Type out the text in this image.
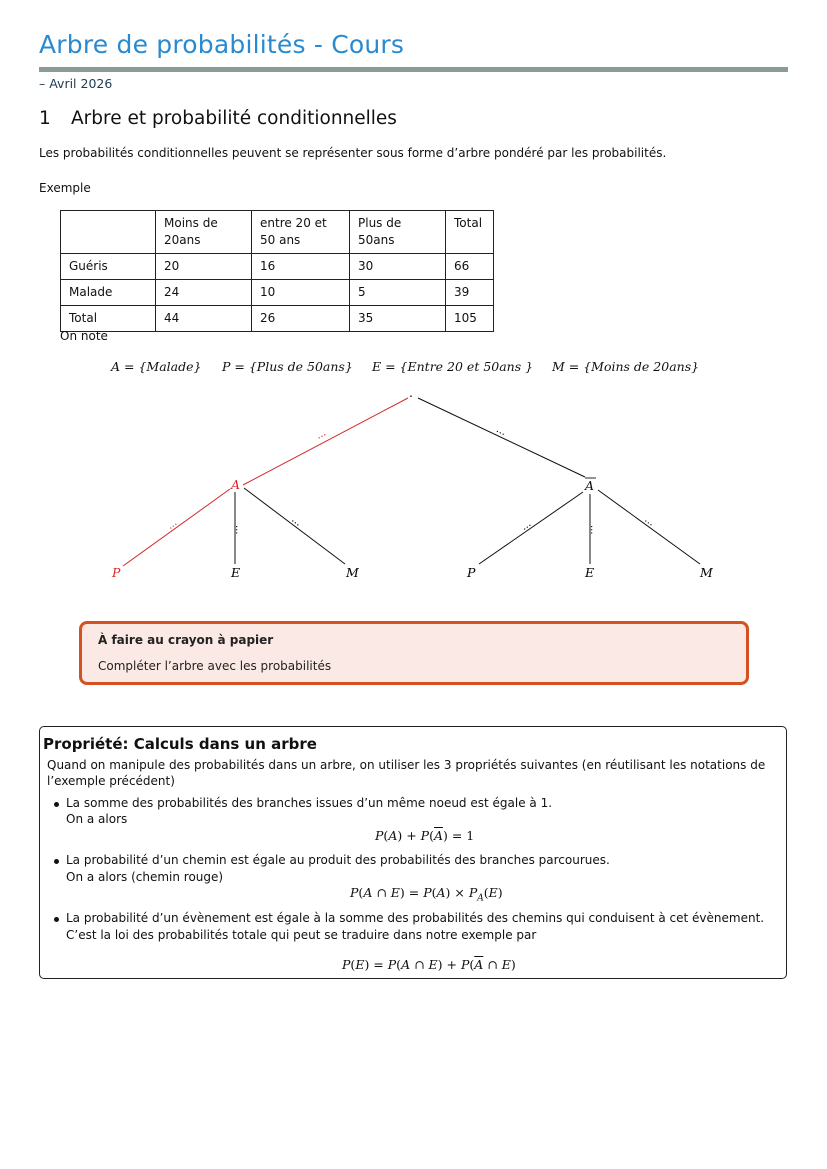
Arbre de probabilités - Cours
– Avril 2026
1 Arbre et probabilité conditionnelles
Les probabilités conditionnelles peuvent se représenter sous forme d’arbre pondéré par les probabilités.
Exemple
	Moins de 20ans	entre 20 et 50 ans	Plus de 50ans	Total
Guéris	20	16	30	66
Malade	24	10	5	39
Total	44	26	35	105
On note
A = {Malade} P = {Plus de 50ans} E = {Entre 20 et 50ans } M = {Moins de 20ans}
.
A	A
P	E	M	P	E	M
...	...
...	...
...	...	...
...
À faire au crayon à papier
Compléter l’arbre avec les probabilités
Propriété: Calculs dans un arbre
Quand on manipule des probabilités dans un arbre, on utiliser les 3 propriétés suivantes (en réutilisant les notations de
l’exemple précédent)
La somme des probabilités des branches issues d’un même noeud est égale à 1.
On a alors
$P(A) + P(\overline{A}) = 1$
La probabilité d’un chemin est égale au produit des probabilités des branches parcourues.
On a alors (chemin rouge)
P(A ∩ $E) = P(A) \times P_A(E)$
La probabilité d’un évènement est égale à la somme des probabilités des chemins qui conduisent à cet évènement.
C’est la loi des probabilités totale qui peut se traduire dans notre exemple par
P(E) = P(A ∩ $E) + P(\overline{A}$ ∩ E)
